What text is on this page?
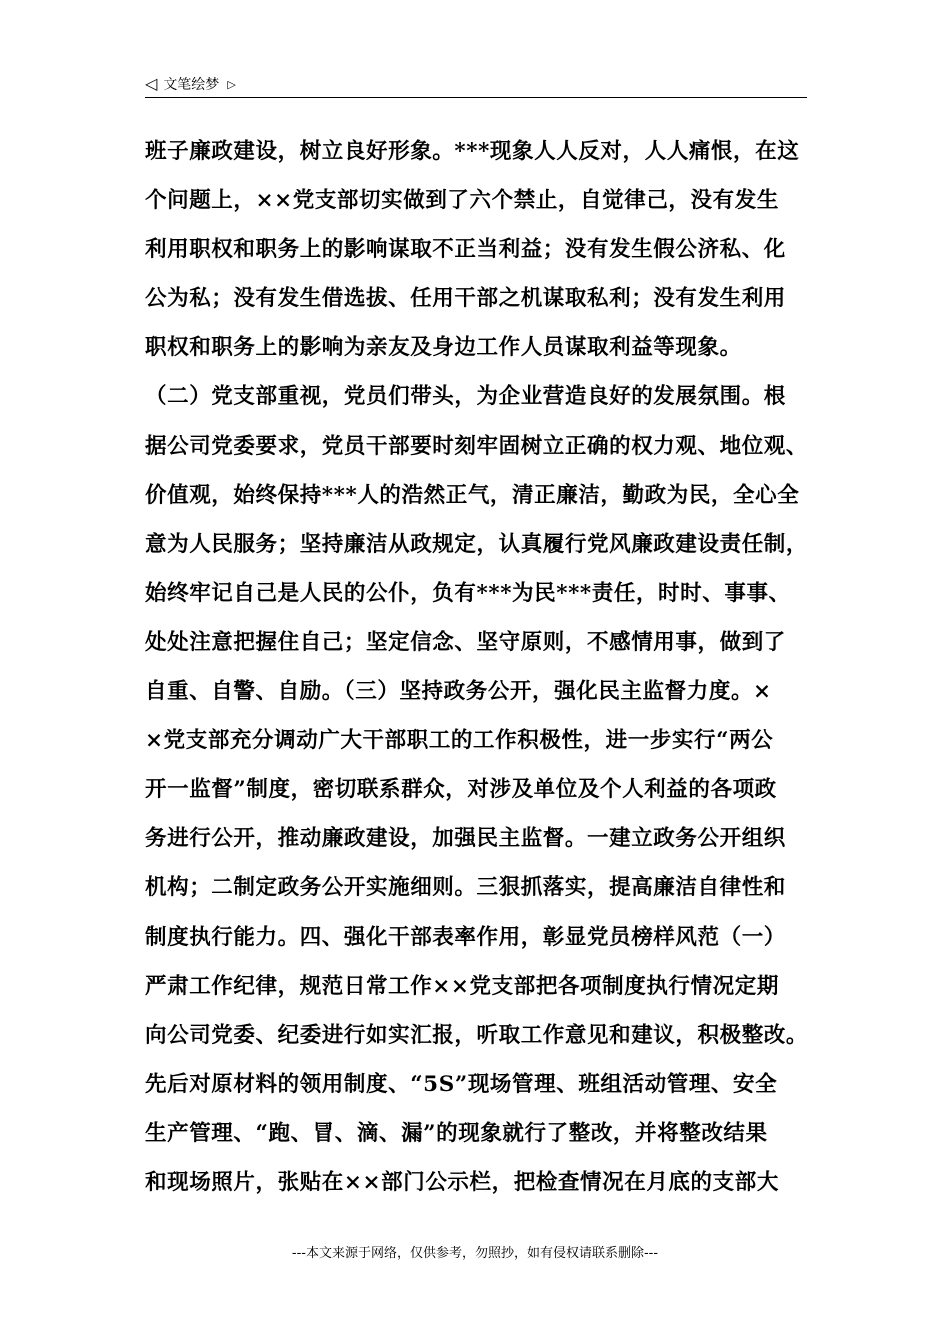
◁ 文笔绘梦 ▷
班子廉政建设，树立良好形象。***现象人人反对，人人痛恨，在这
个问题上，××党支部切实做到了六个禁止，自觉律己，没有发生
利用职权和职务上的影响谋取不正当利益；没有发生假公济私、化
公为私；没有发生借选拔、任用干部之机谋取私利；没有发生利用
职权和职务上的影响为亲友及身边工作人员谋取利益等现象。
（二）党支部重视，党员们带头，为企业营造良好的发展氛围。根
据公司党委要求，党员干部要时刻牢固树立正确的权力观、地位观、
价值观，始终保持***人的浩然正气，清正廉洁，勤政为民，全心全
意为人民服务；坚持廉洁从政规定，认真履行党风廉政建设责任制，
始终牢记自己是人民的公仆，负有***为民***责任，时时、事事、
处处注意把握住自己；坚定信念、坚守原则，不感情用事，做到了
自重、自警、自励。（三）坚持政务公开，强化民主监督力度。×
×党支部充分调动广大干部职工的工作积极性，进一步实行“两公
开一监督”制度，密切联系群众，对涉及单位及个人利益的各项政
务进行公开，推动廉政建设，加强民主监督。一建立政务公开组织
机构；二制定政务公开实施细则。三狠抓落实，提高廉洁自律性和
制度执行能力。四、强化干部表率作用，彰显党员榜样风范（一）
严肃工作纪律，规范日常工作××党支部把各项制度执行情况定期
向公司党委、纪委进行如实汇报，听取工作意见和建议，积极整改。
先后对原材料的领用制度、“5S”现场管理、班组活动管理、安全
生产管理、“跑、冒、滴、漏”的现象就行了整改，并将整改结果
和现场照片，张贴在××部门公示栏，把检查情况在月底的支部大
---本文来源于网络，仅供参考，勿照抄，如有侵权请联系删除---
